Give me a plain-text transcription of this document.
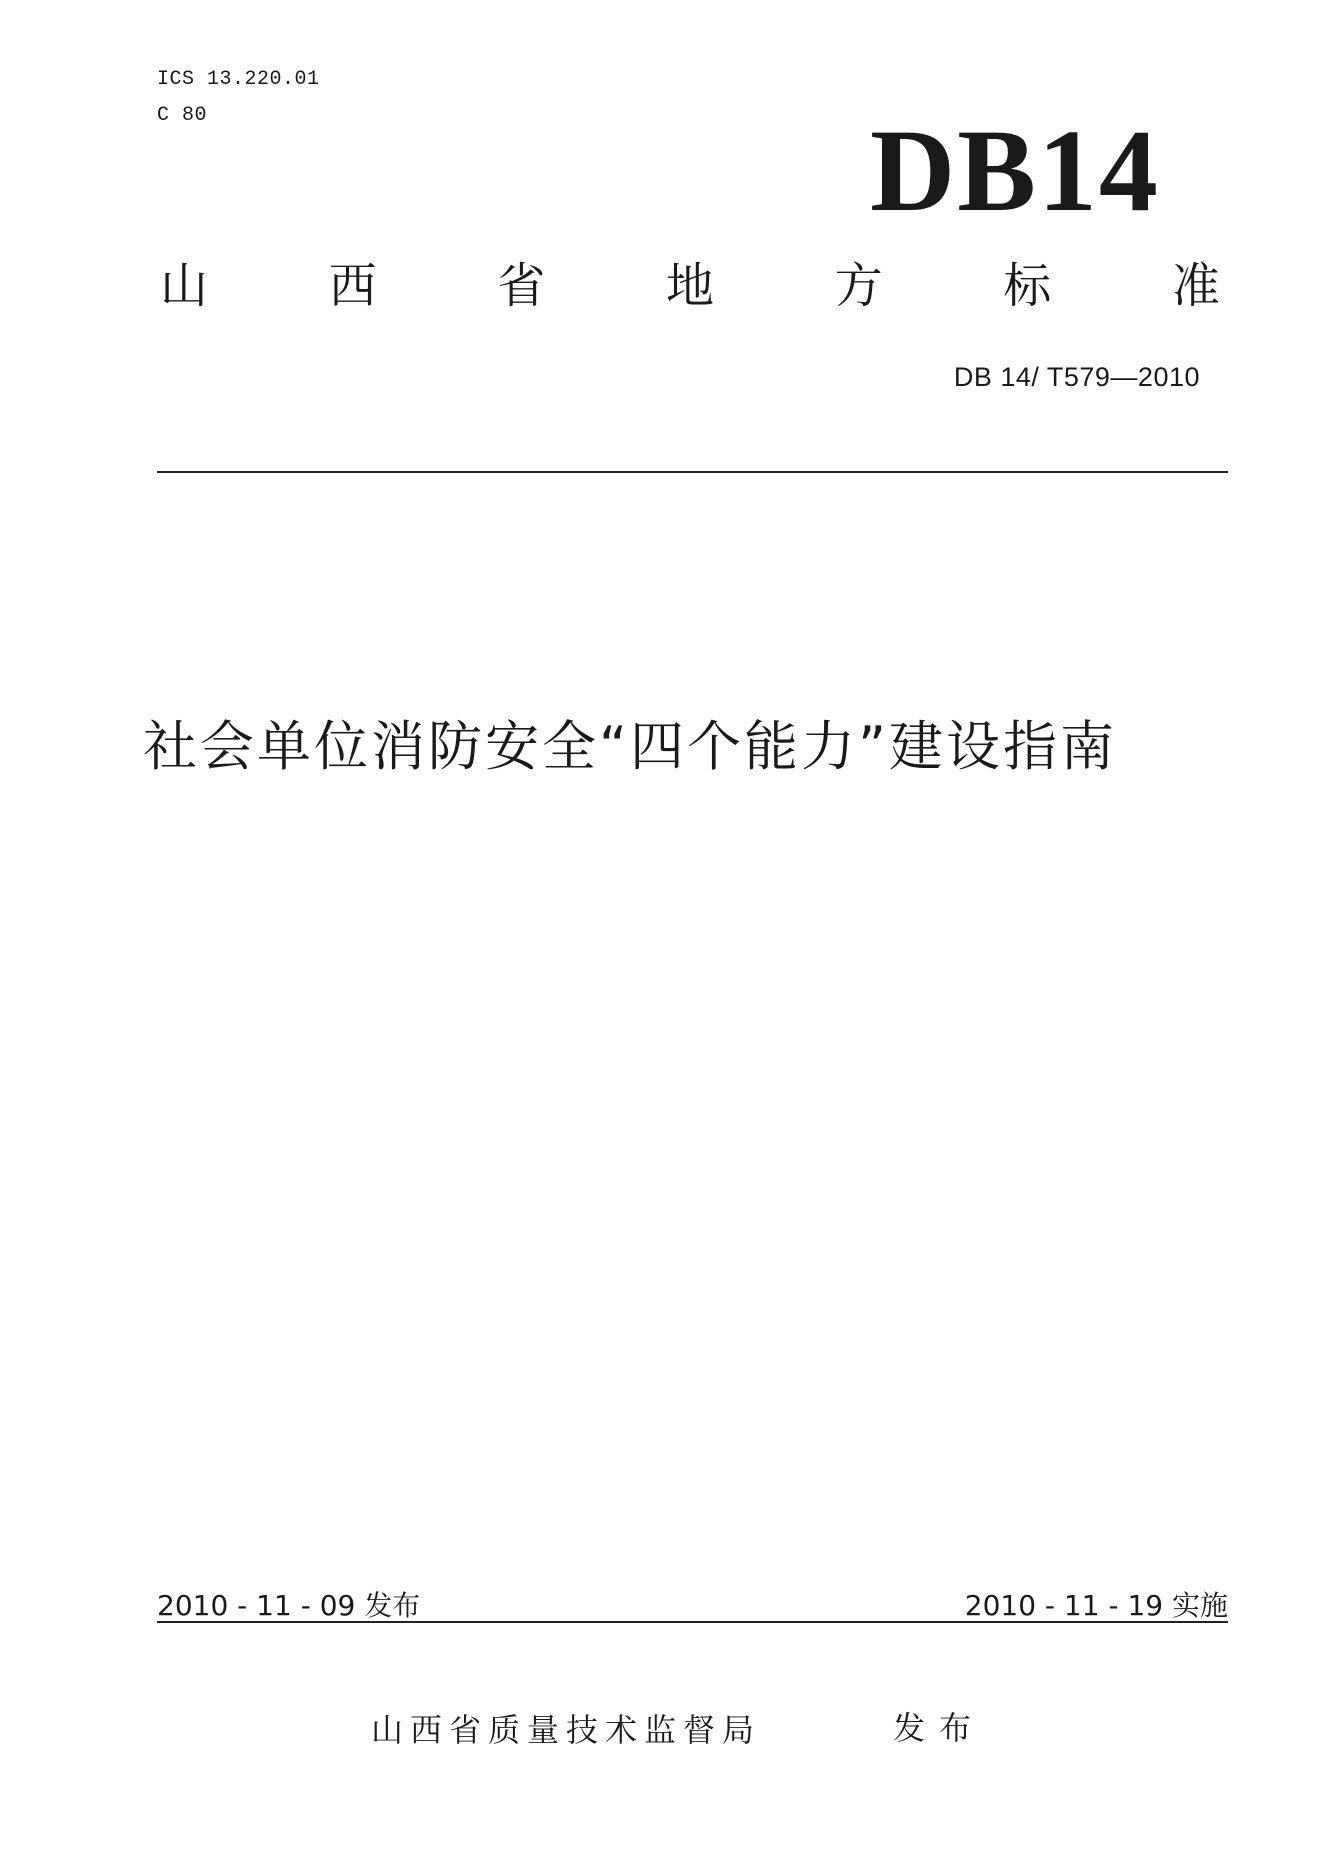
ICS 13.220.01
C 80	DB14
山	西	省	地	方	标	准
DB 14/ T579—2010
社会单位消防安全“四个能力”建设指南
2010 - 11 - 09 发布	2010 - 11 - 19 实施
山西省质量技术监督局	发布
